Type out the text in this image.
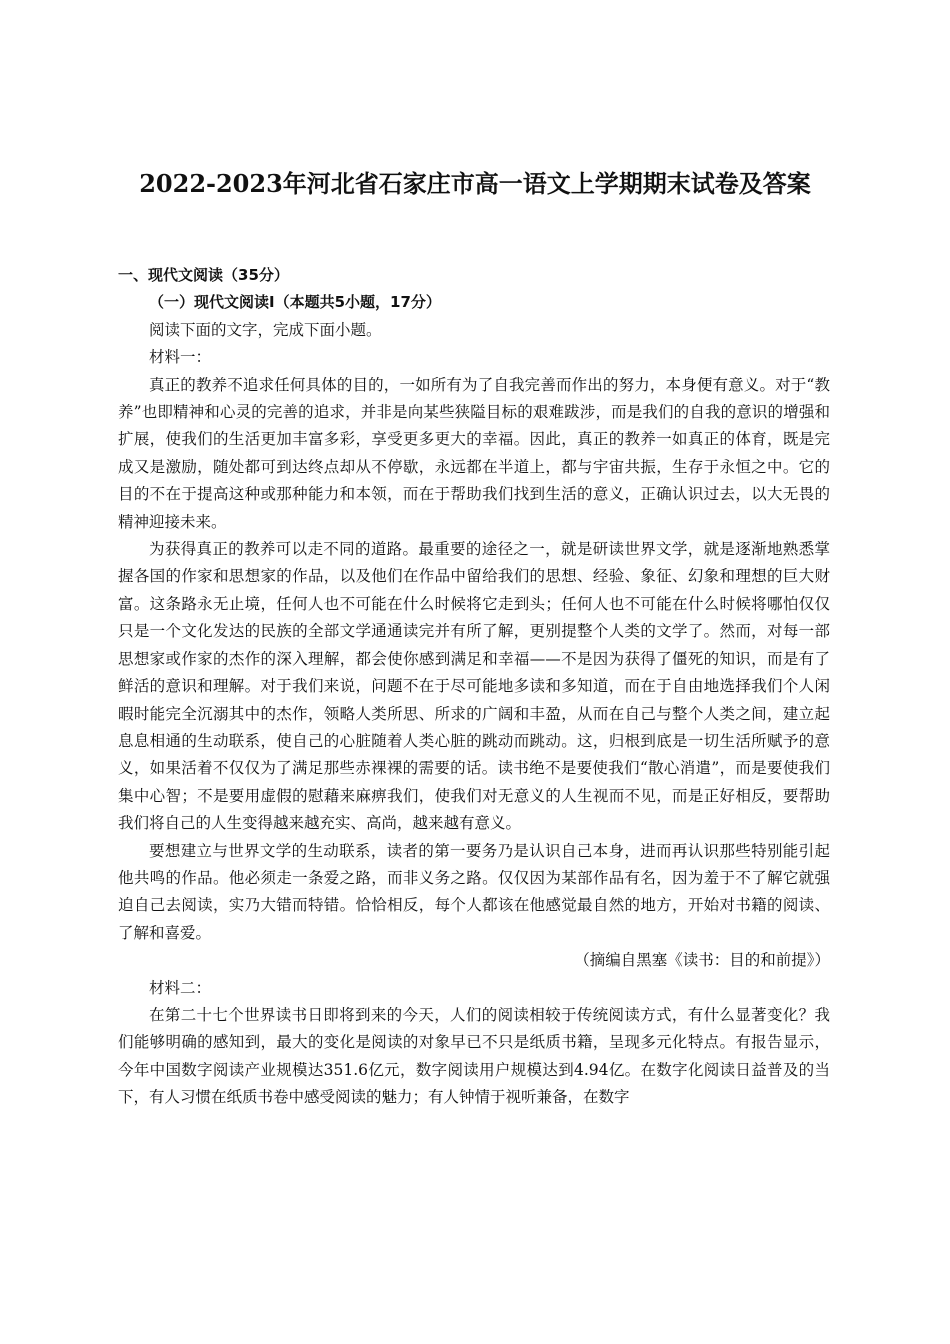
2022-2023年河北省石家庄市高一语文上学期期末试卷及答案

一、现代文阅读（35分）

（一）现代文阅读Ⅰ（本题共5小题，17分）

阅读下面的文字，完成下面小题。

材料一：

真正的教养不追求任何具体的目的，一如所有为了自我完善而作出的努力，本身便有意义。对于“教养”也即精神和心灵的完善的追求，并非是向某些狭隘目标的艰难跋涉，而是我们的自我的意识的增强和扩展，使我们的生活更加丰富多彩，享受更多更大的幸福。因此，真正的教养一如真正的体育，既是完成又是激励，随处都可到达终点却从不停歇，永远都在半道上，都与宇宙共振，生存于永恒之中。它的目的不在于提高这种或那种能力和本领，而在于帮助我们找到生活的意义，正确认识过去，以大无畏的精神迎接未来。

为获得真正的教养可以走不同的道路。最重要的途径之一，就是研读世界文学，就是逐渐地熟悉掌握各国的作家和思想家的作品，以及他们在作品中留给我们的思想、经验、象征、幻象和理想的巨大财富。这条路永无止境，任何人也不可能在什么时候将它走到头；任何人也不可能在什么时候将哪怕仅仅只是一个文化发达的民族的全部文学通通读完并有所了解，更别提整个人类的文学了。然而，对每一部思想家或作家的杰作的深入理解，都会使你感到满足和幸福——不是因为获得了僵死的知识，而是有了鲜活的意识和理解。对于我们来说，问题不在于尽可能地多读和多知道，而在于自由地选择我们个人闲暇时能完全沉溺其中的杰作，领略人类所思、所求的广阔和丰盈，从而在自己与整个人类之间，建立起息息相通的生动联系，使自己的心脏随着人类心脏的跳动而跳动。这，归根到底是一切生活所赋予的意义，如果活着不仅仅为了满足那些赤裸裸的需要的话。读书绝不是要使我们“散心消遣”，而是要使我们集中心智；不是要用虚假的慰藉来麻痹我们，使我们对无意义的人生视而不见，而是正好相反，要帮助我们将自己的人生变得越来越充实、高尚，越来越有意义。

要想建立与世界文学的生动联系，读者的第一要务乃是认识自己本身，进而再认识那些特别能引起他共鸣的作品。他必须走一条爱之路，而非义务之路。仅仅因为某部作品有名，因为羞于不了解它就强迫自己去阅读，实乃大错而特错。恰恰相反，每个人都该在他感觉最自然的地方，开始对书籍的阅读、了解和喜爱。

（摘编自黑塞《读书：目的和前提》）

材料二：

在第二十七个世界读书日即将到来的今天，人们的阅读相较于传统阅读方式，有什么显著变化？我们能够明确的感知到，最大的变化是阅读的对象早已不只是纸质书籍，呈现多元化特点。有报告显示，今年中国数字阅读产业规模达351.6亿元，数字阅读用户规模达到4.94亿。在数字化阅读日益普及的当下，有人习惯在纸质书卷中感受阅读的魅力；有人钟情于视听兼备，在数字
